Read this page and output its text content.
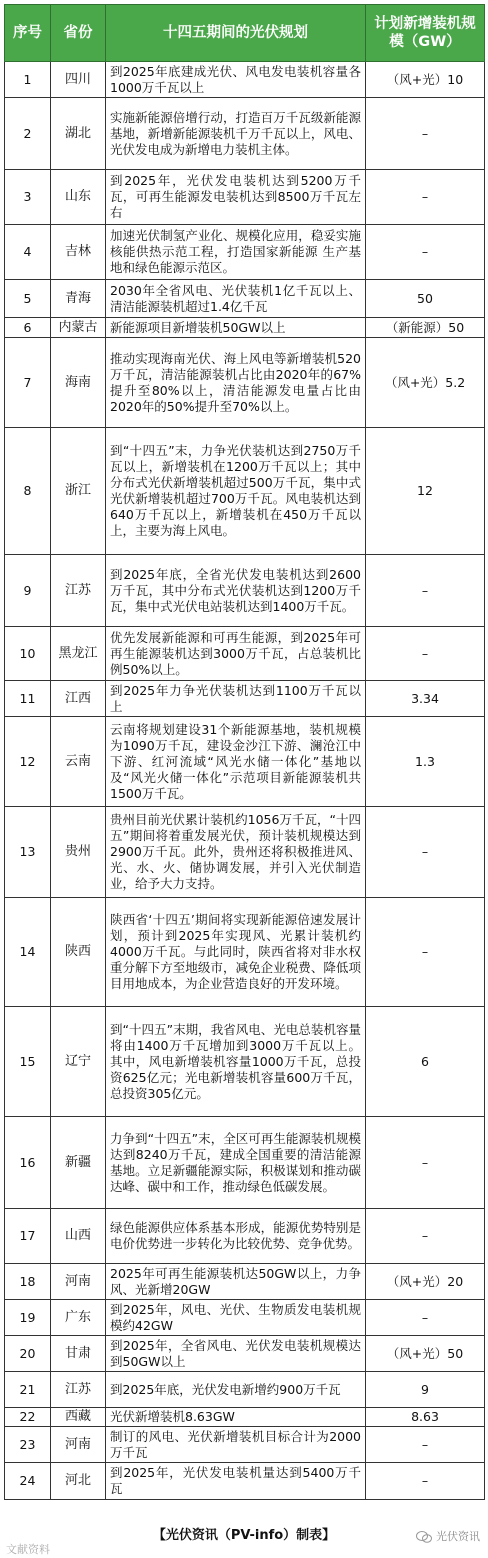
序号	省份	十四五期间的光伏规划	计划新增装机规模（GW）
1	四川	到2025年底建成光伏、风电发电装机容量各1000万千瓦以上	（风+光）10
2	湖北	实施新能源倍增行动，打造百万千瓦级新能源基地，新增新能源装机千万千瓦以上，风电、光伏发电成为新增电力装机主体。	–
3	山东	到2025年，光伏发电装机达到5200万千瓦，可再生能源发电装机达到8500万千瓦左右	–
4	吉林	加速光伏制氢产业化、规模化应用，稳妥实施核能供热示范工程，打造国家新能源 生产基地和绿色能源示范区。	–
5	青海	2030年全省风电、光伏装机1亿千瓦以上、清洁能源装机超过1.4亿千瓦	50
6	内蒙古	新能源项目新增装机50GW以上	（新能源）50
7	海南	推动实现海南光伏、海上风电等新增装机520万千瓦，清洁能源装机占比由2020年的67%提升至80%以上，清洁能源发电量占比由2020年的50%提升至70%以上。	（风+光）5.2
8	浙江	到“十四五”末，力争光伏装机达到2750万千瓦以上，新增装机在1200万千瓦以上；其中分布式光伏新增装机超过500万千瓦，集中式光伏新增装机超过700万千瓦。风电装机达到640万千瓦以上，新增装机在450万千瓦以上，主要为海上风电。	12
9	江苏	到2025年底，全省光伏发电装机达到2600万千瓦，其中分布式光伏装机达到1200万千瓦，集中式光伏电站装机达到1400万千瓦。	–
10	黑龙江	优先发展新能源和可再生能源，到2025年可再生能源装机达到3000万千瓦，占总装机比例50%以上。	–
11	江西	到2025年力争光伏装机达到1100万千瓦以上	3.34
12	云南	云南将规划建设31个新能源基地，装机规模为1090万千瓦，建设金沙江下游、澜沧江中下游、红河流域“风光水储一体化”基地以及“风光火储一体化”示范项目新能源装机共1500万千瓦。	1.3
13	贵州	贵州目前光伏累计装机约1056万千瓦，“十四五”期间将着重发展光伏，预计装机规模达到2900万千瓦。此外，贵州还将积极推进风、光、水、火、储协调发展，并引入光伏制造业，给予大力支持。	–
14	陕西	陕西省‘十四五’期间将实现新能源倍速发展计划，预计到2025年实现风、光累计装机约4000万千瓦。与此同时，陕西省将对非水权重分解下方至地级市，减免企业税费、降低项目用地成本，为企业营造良好的开发环境。	–
15	辽宁	到“十四五”末期，我省风电、光电总装机容量将由1400万千瓦增加到3000万千瓦以上。其中，风电新增装机容量1000万千瓦，总投资625亿元；光电新增装机容量600万千瓦，总投资305亿元。	6
16	新疆	力争到“十四五”末，全区可再生能源装机规模达到8240万千瓦，建成全国重要的清洁能源基地。立足新疆能源实际，积极谋划和推动碳达峰、碳中和工作，推动绿色低碳发展。	–
17	山西	绿色能源供应体系基本形成，能源优势特别是电价优势进一步转化为比较优势、竞争优势。	–
18	河南	2025年可再生能源装机达50GW以上，力争风、光新增20GW	（风+光）20
19	广东	到2025年，风电、光伏、生物质发电装机规模约42GW	–
20	甘肃	到2025年，全省风电、光伏发电装机规模达到50GW以上	（风+光）50
21	江苏	到2025年底，光伏发电新增约900万千瓦	9
22	西藏	光伏新增装机8.63GW	8.63
23	河南	制订的风电、光伏新增装机目标合计为2000万千瓦	–
24	河北	到2025年，光伏发电装机量达到5400万千瓦	–
【光伏资讯（PV-info）制表】
文献资料
光伏资讯
